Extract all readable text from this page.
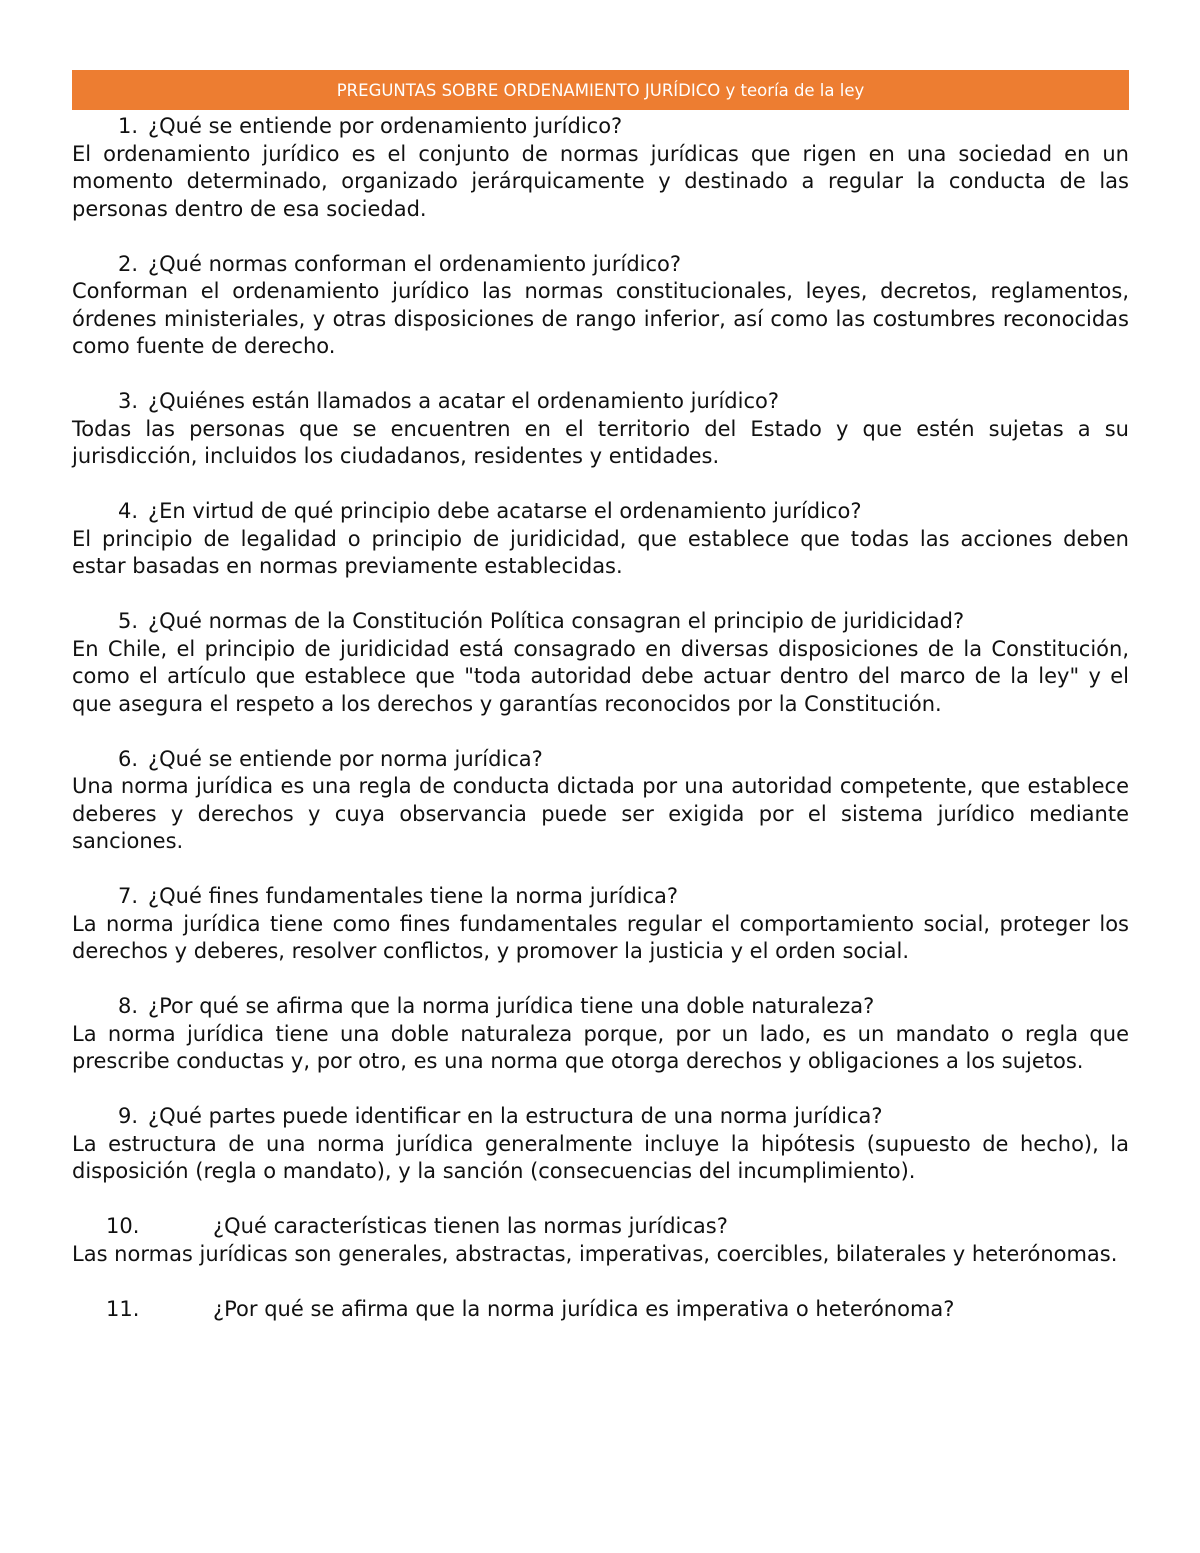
PREGUNTAS SOBRE ORDENAMIENTO JURÍDICO y teoría de la ley
1. ¿Qué se entiende por ordenamiento jurídico?

El ordenamiento jurídico es el conjunto de normas jurídicas que rigen en una sociedad en un momento determinado, organizado jerárquicamente y destinado a regular la conducta de las personas dentro de esa sociedad.

2. ¿Qué normas conforman el ordenamiento jurídico?

Conforman el ordenamiento jurídico las normas constitucionales, leyes, decretos, reglamentos, órdenes ministeriales, y otras disposiciones de rango inferior, así como las costumbres reconocidas como fuente de derecho.

3. ¿Quiénes están llamados a acatar el ordenamiento jurídico?

Todas las personas que se encuentren en el territorio del Estado y que estén sujetas a su jurisdicción, incluidos los ciudadanos, residentes y entidades.

4. ¿En virtud de qué principio debe acatarse el ordenamiento jurídico?

El principio de legalidad o principio de juridicidad, que establece que todas las acciones deben estar basadas en normas previamente establecidas.

5. ¿Qué normas de la Constitución Política consagran el principio de juridicidad?

En Chile, el principio de juridicidad está consagrado en diversas disposiciones de la Constitución, como el artículo que establece que "toda autoridad debe actuar dentro del marco de la ley" y el que asegura el respeto a los derechos y garantías reconocidos por la Constitución.

6. ¿Qué se entiende por norma jurídica?

Una norma jurídica es una regla de conducta dictada por una autoridad competente, que establece deberes y derechos y cuya observancia puede ser exigida por el sistema jurídico mediante sanciones.

7. ¿Qué fines fundamentales tiene la norma jurídica?

La norma jurídica tiene como fines fundamentales regular el comportamiento social, proteger los derechos y deberes, resolver conflictos, y promover la justicia y el orden social.

8. ¿Por qué se afirma que la norma jurídica tiene una doble naturaleza?

La norma jurídica tiene una doble naturaleza porque, por un lado, es un mandato o regla que prescribe conductas y, por otro, es una norma que otorga derechos y obligaciones a los sujetos.

9. ¿Qué partes puede identificar en la estructura de una norma jurídica?

La estructura de una norma jurídica generalmente incluye la hipótesis (supuesto de hecho), la disposición (regla o mandato), y la sanción (consecuencias del incumplimiento).

10.	¿Qué características tienen las normas jurídicas?

Las normas jurídicas son generales, abstractas, imperativas, coercibles, bilaterales y heterónomas.

11.	¿Por qué se afirma que la norma jurídica es imperativa o heterónoma?
